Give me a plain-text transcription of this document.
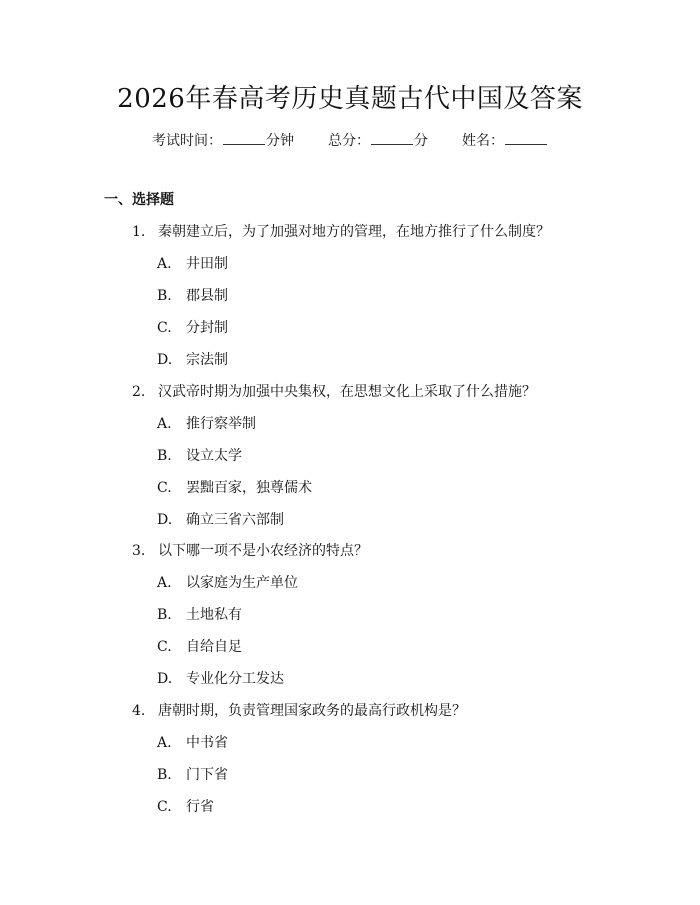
2026年春高考历史真题古代中国及答案
考试时间：	分钟 总分：	分 姓名：
一、选择题
1. 秦朝建立后，为了加强对地方的管理，在地方推行了什么制度？
A. 井田制
B. 郡县制
C. 分封制
D. 宗法制
2. 汉武帝时期为加强中央集权，在思想文化上采取了什么措施？
A. 推行察举制
B. 设立太学
C. 罢黜百家，独尊儒术
D. 确立三省六部制
3. 以下哪一项不是小农经济的特点？
A. 以家庭为生产单位
B. 土地私有
C. 自给自足
D. 专业化分工发达
4. 唐朝时期，负责管理国家政务的最高行政机构是？
A. 中书省
B. 门下省
C. 行省
